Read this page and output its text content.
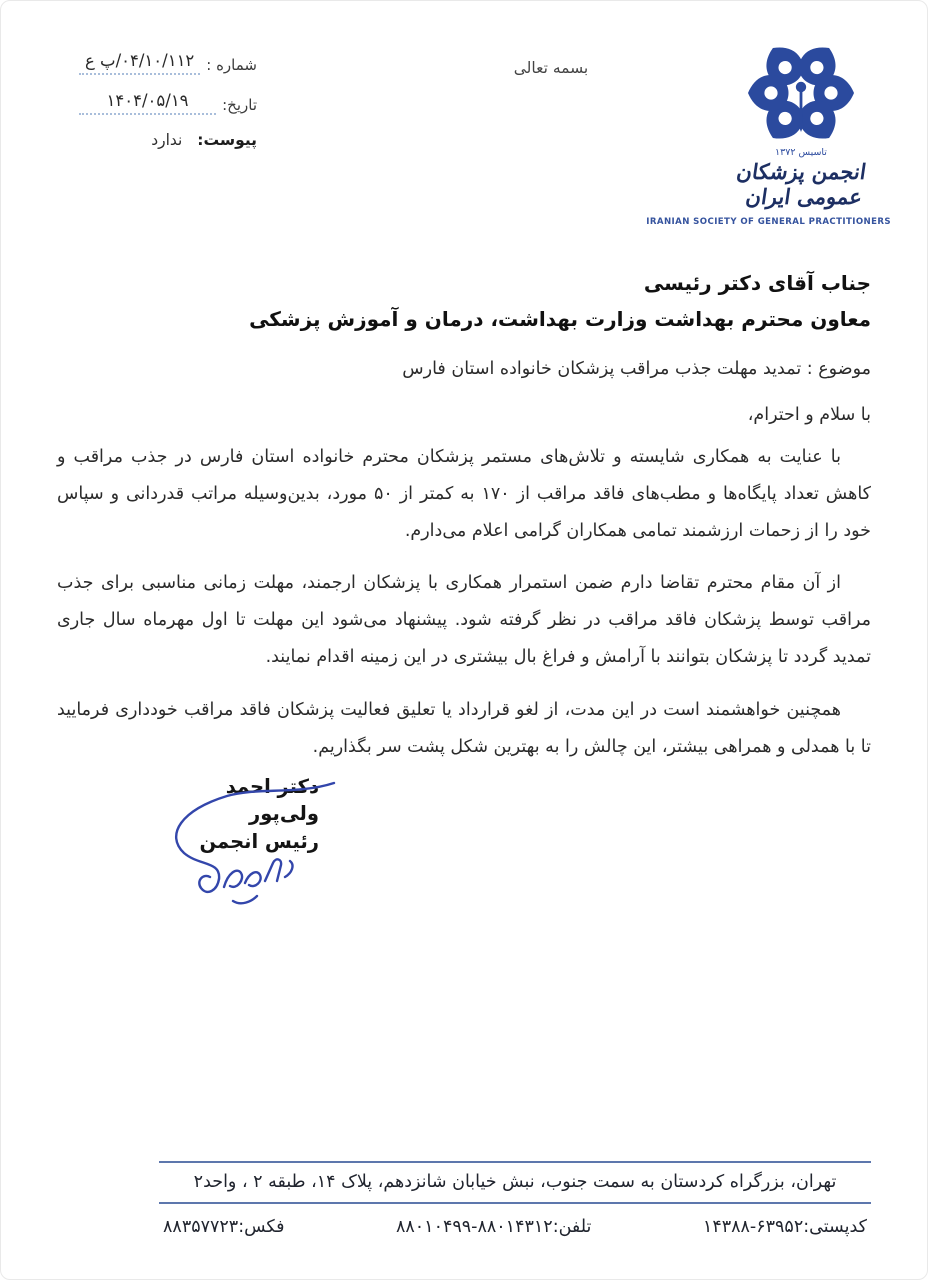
شماره :
۰۴/۱۰/۱۱۲/پ ع
تاریخ:
۱۴۰۴/۰۵/۱۹
پیوست: ندارد
بسمه تعالی
تاسیس ۱۳۷۲
انجمن پزشکان عمومی ایران
IRANIAN SOCIETY OF GENERAL PRACTITIONERS
جناب آقای دکتر رئیسی
معاون محترم بهداشت وزارت بهداشت، درمان و آموزش پزشکی
موضوع : تمدید مهلت جذب مراقب پزشکان خانواده استان فارس
با سلام و احترام،

با عنایت به همکاری شایسته و تلاش‌های مستمر پزشکان محترم خانواده استان فارس در جذب مراقب و کاهش تعداد پایگاه‌ها و مطب‌های فاقد مراقب از ۱۷۰ به کمتر از ۵۰ مورد، بدین‌وسیله مراتب قدردانی و سپاس خود را از زحمات ارزشمند تمامی همکاران گرامی اعلام می‌دارم.

از آن مقام محترم تقاضا دارم ضمن استمرار همکاری با پزشکان ارجمند، مهلت زمانی مناسبی برای جذب مراقب توسط پزشکان فاقد مراقب در نظر گرفته شود. پیشنهاد می‌شود این مهلت تا اول مهرماه سال جاری تمدید گردد تا پزشکان بتوانند با آرامش و فراغ بال بیشتری در این زمینه اقدام نمایند.

همچنین خواهشمند است در این مدت، از لغو قرارداد یا تعلیق فعالیت پزشکان فاقد مراقب خودداری فرمایید تا با همدلی و همراهی بیشتر، این چالش را به بهترین شکل پشت سر بگذاریم.

دکتر احمد ولی‌پور
رئیس انجمن
تهران، بزرگراه کردستان به سمت جنوب، نبش خیابان شانزدهم، پلاک ۱۴، طبقه ۲ ، واحد۲
کدپستی:۱۴۳۸۸-۶۳۹۵۲
تلفن:۸۸۰۱۰۴۹۹-۸۸۰۱۴۳۱۲
فکس:۸۸۳۵۷۷۲۳
